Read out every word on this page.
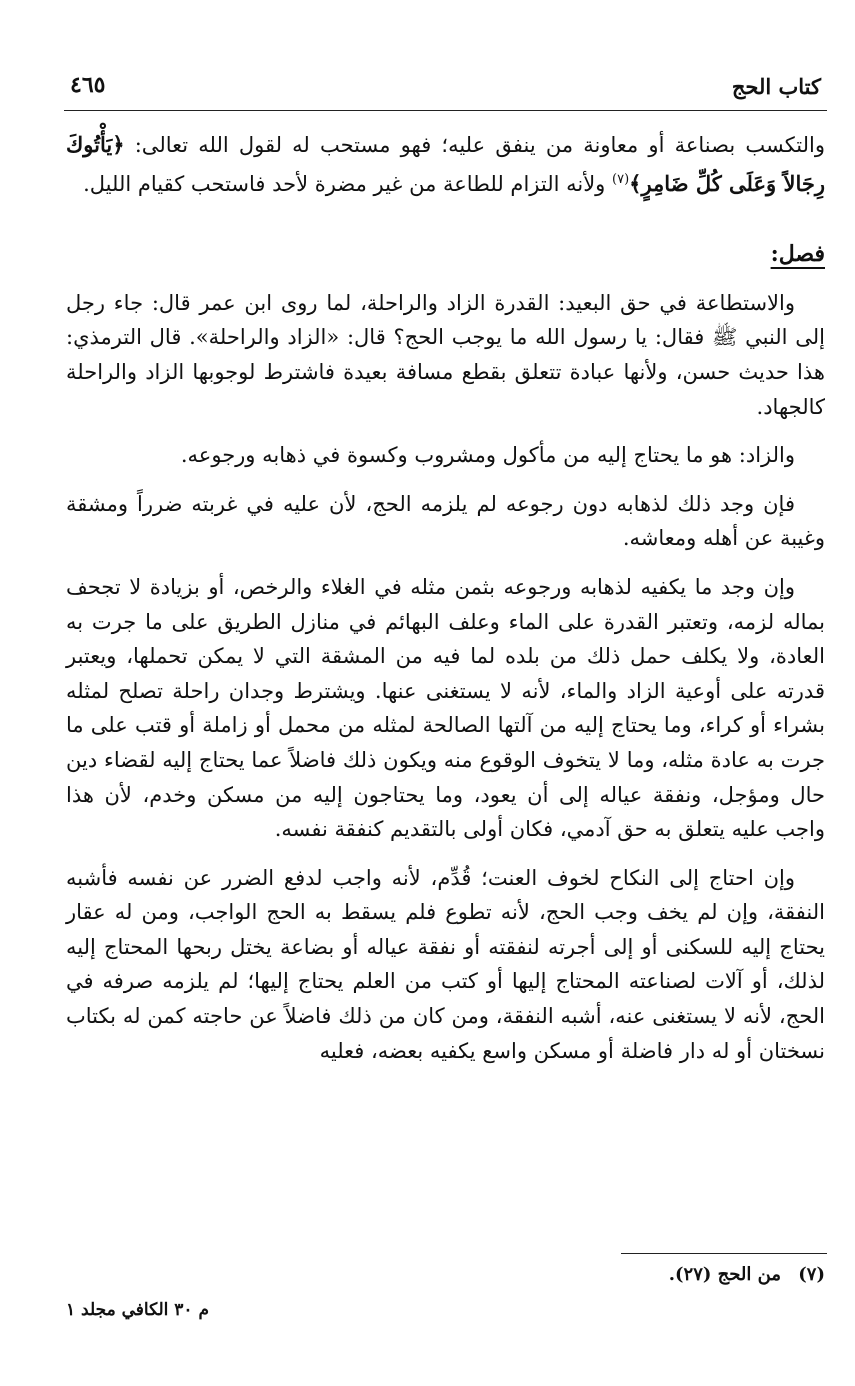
كتاب الحج
٤٦٥

والتكسب بصناعة أو معاونة من ينفق عليه؛ فهو مستحب له لقول الله تعالى: ﴿يَأْتُوكَ رِجَالاً وَعَلَى كُلِّ ضَامِرٍ﴾$^{(٧)}$ ولأنه التزام للطاعة من غير مضرة لأحد فاستحب كقيام الليل.

فصل:

والاستطاعة في حق البعيد: القدرة الزاد والراحلة، لما روى ابن عمر قال: جاء رجل إلى النبي ﷺ فقال: يا رسول الله ما يوجب الحج؟ قال: «الزاد والراحلة». قال الترمذي: هذا حديث حسن، ولأنها عبادة تتعلق بقطع مسافة بعيدة فاشترط لوجوبها الزاد والراحلة كالجهاد.

والزاد: هو ما يحتاج إليه من مأكول ومشروب وكسوة في ذهابه ورجوعه.

فإن وجد ذلك لذهابه دون رجوعه لم يلزمه الحج، لأن عليه في غربته ضرراً ومشقة وغيبة عن أهله ومعاشه.

وإن وجد ما يكفيه لذهابه ورجوعه بثمن مثله في الغلاء والرخص، أو بزيادة لا تجحف بماله لزمه، وتعتبر القدرة على الماء وعلف البهائم في منازل الطريق على ما جرت به العادة، ولا يكلف حمل ذلك من بلده لما فيه من المشقة التي لا يمكن تحملها، ويعتبر قدرته على أوعية الزاد والماء، لأنه لا يستغنى عنها. ويشترط وجدان راحلة تصلح لمثله بشراء أو كراء، وما يحتاج إليه من آلتها الصالحة لمثله من محمل أو زاملة أو قتب على ما جرت به عادة مثله، وما لا يتخوف الوقوع منه ويكون ذلك فاضلاً عما يحتاج إليه لقضاء دين حال ومؤجل، ونفقة عياله إلى أن يعود، وما يحتاجون إليه من مسكن وخدم، لأن هذا واجب عليه يتعلق به حق آدمي، فكان أولى بالتقديم كنفقة نفسه.

وإن احتاج إلى النكاح لخوف العنت؛ قُدِّم، لأنه واجب لدفع الضرر عن نفسه فأشبه النفقة، وإن لم يخف وجب الحج، لأنه تطوع فلم يسقط به الحج الواجب، ومن له عقار يحتاج إليه للسكنى أو إلى أجرته لنفقته أو نفقة عياله أو بضاعة يختل ربحها المحتاج إليه لذلك، أو آلات لصناعته المحتاج إليها أو كتب من العلم يحتاج إليها؛ لم يلزمه صرفه في الحج، لأنه لا يستغنى عنه، أشبه النفقة، ومن كان من ذلك فاضلاً عن حاجته كمن له بكتاب نسختان أو له دار فاضلة أو مسكن واسع يكفيه بعضه، فعليه

(٧)من الحج (٢٧).
م ٣٠ الكافي مجلد ١
